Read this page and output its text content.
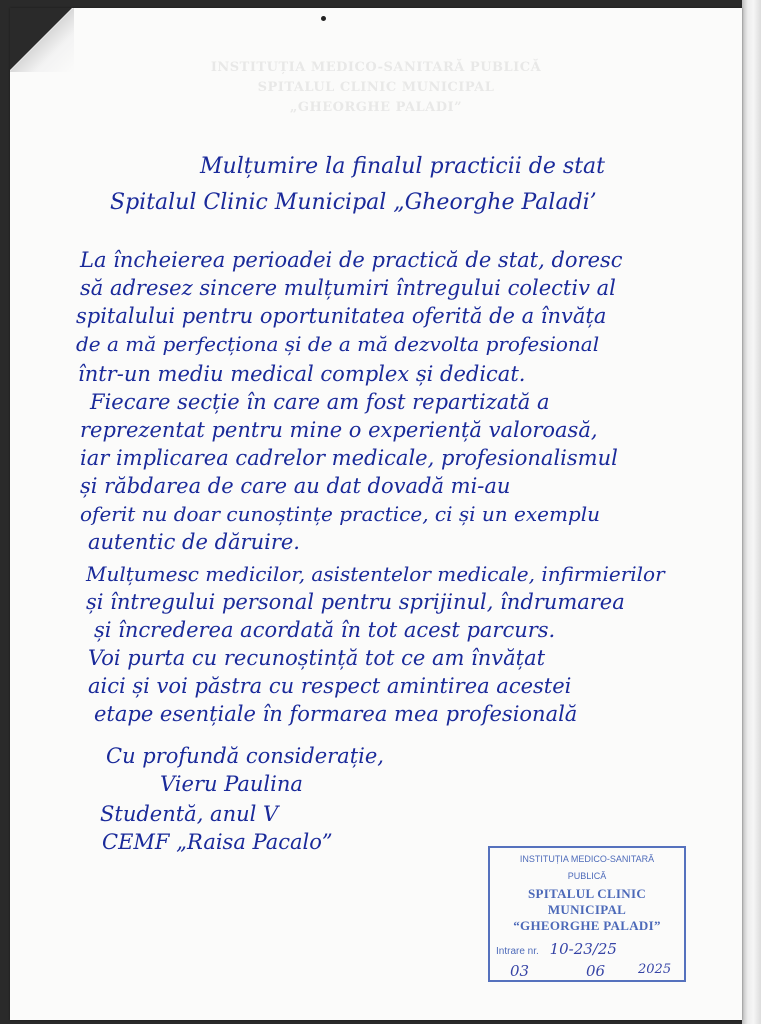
INSTITUȚIA MEDICO-SANITARĂ PUBLICĂ
SPITALUL CLINIC MUNICIPAL
„GHEORGHE PALADI”
Mulțumire la finalul practicii de stat
Spitalul Clinic Municipal „Gheorghe Paladi’
La încheierea perioadei de practică de stat, doresc
să adresez sincere mulțumiri întregului colectiv al
spitalului pentru oportunitatea oferită de a învăța
de a mă perfecționa și de a mă dezvolta profesional
într-un mediu medical complex și dedicat.
Fiecare secție în care am fost repartizată a
reprezentat pentru mine o experiență valoroasă,
iar implicarea cadrelor medicale, profesionalismul
și răbdarea de care au dat dovadă mi-au
oferit nu doar cunoștințe practice, ci și un exemplu
autentic de dăruire.
Mulțumesc medicilor, asistentelor medicale, infirmierilor
și întregului personal pentru sprijinul, îndrumarea
și încrederea acordată în tot acest parcurs.
Voi purta cu recunoștință tot ce am învățat
aici și voi păstra cu respect amintirea acestei
etape esențiale în formarea mea profesională
Cu profundă considerație,
Vieru Paulina
Studentă, anul V
CEMF „Raisa Pacalo”
INSTITUȚIA MEDICO-SANITARĂ
PUBLICĂ
SPITALUL CLINIC
MUNICIPAL
“GHEORGHE PALADI”
Intrare nr. 10-23/25
03	06	2025
